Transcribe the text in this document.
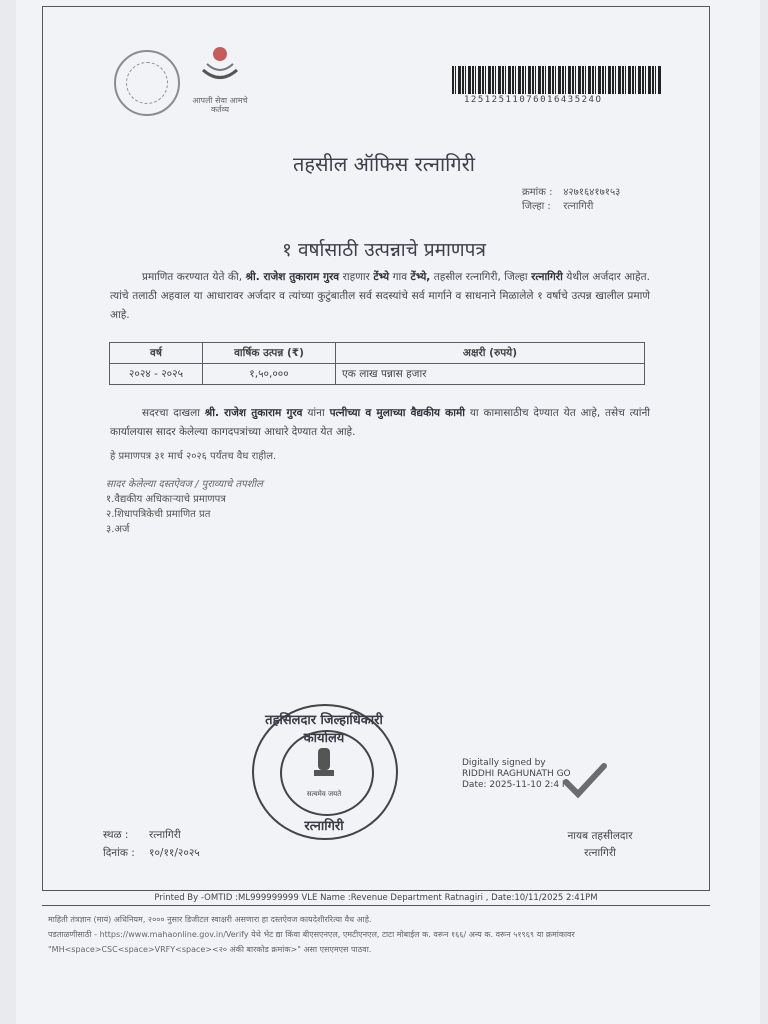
आपली सेवा आमचे कर्तव्य
1251251107601643524О
तहसील ऑफिस रत्नागिरी
क्रमांक : ४२७१६४१७१५३
जिल्हा : रत्नागिरी
१ वर्षासाठी उत्पन्नाचे प्रमाणपत्र
प्रमाणित करण्यात येते की, श्री. राजेश तुकाराम गुरव राहणार टेंभ्ये गाव टेंभ्ये, तहसील रत्नागिरी, जिल्हा रत्नागिरी येथील अर्जदार आहेत. त्यांचे तलाठी अहवाल या आधारावर अर्जदार व त्यांच्या कुटुंबातील सर्व सदस्यांचे सर्व मार्गाने व साधनाने मिळालेले १ वर्षाचे उत्पन्न खालील प्रमाणे आहे.
वर्ष	वार्षिक उत्पन्न (₹)	अक्षरी (रुपये)
२०२४ - २०२५	१,५०,०००	एक लाख पन्नास हजार
सदरचा दाखला श्री. राजेश तुकाराम गुरव यांना पत्नीच्या व मुलाच्या वैद्यकीय कामी या कामासाठीच देण्यात येत आहे, तसेच त्यांनी कार्यालयास सादर केलेल्या कागदपत्रांच्या आधारे देण्यात येत आहे.
हे प्रमाणपत्र ३१ मार्च २०२६ पर्यंतच वैध राहील.
सादर केलेल्या दस्तऐवज / पुराव्याचे तपशील
१.वैद्यकीय अधिकाऱ्याचे प्रमाणपत्र
२.शिधापत्रिकेची प्रमाणित प्रत
३.अर्ज
तहसिलदार जिल्हाधिकारी कार्यालय
सत्यमेव जयते
रत्नागिरी
Digitally signed by
RIDDHI RAGHUNATH GO
Date: 2025-11-10 2:4 M
स्थळ : रत्नागिरी
दिनांक : १०/११/२०२५
नायब तहसीलदार
रत्नागिरी
Printed By -OMTID :ML999999999 VLE Name :Revenue Department Ratnagiri , Date:10/11/2025 2:41PM
माहिती तंत्रज्ञान (मायं) अधिनियम, २००० नुसार डिजीटल स्वाक्षरी असणारा हा दस्तऐवज कायदेशीररित्या वैध आहे.
पडताळणीसाठी - https://www.mahaonline.gov.in/Verify येथे भेट द्या किंवा बीएसएनएल, एमटीएनएल, टाटा मोबाईल क. वरून १६६/ अन्य क. वरून ५१९६९ या क्रमांकावर
"MH<space>CSC<space>VRFY<space><२० अंकी बारकोड क्रमांक>" असा एसएमएस पाठवा.
